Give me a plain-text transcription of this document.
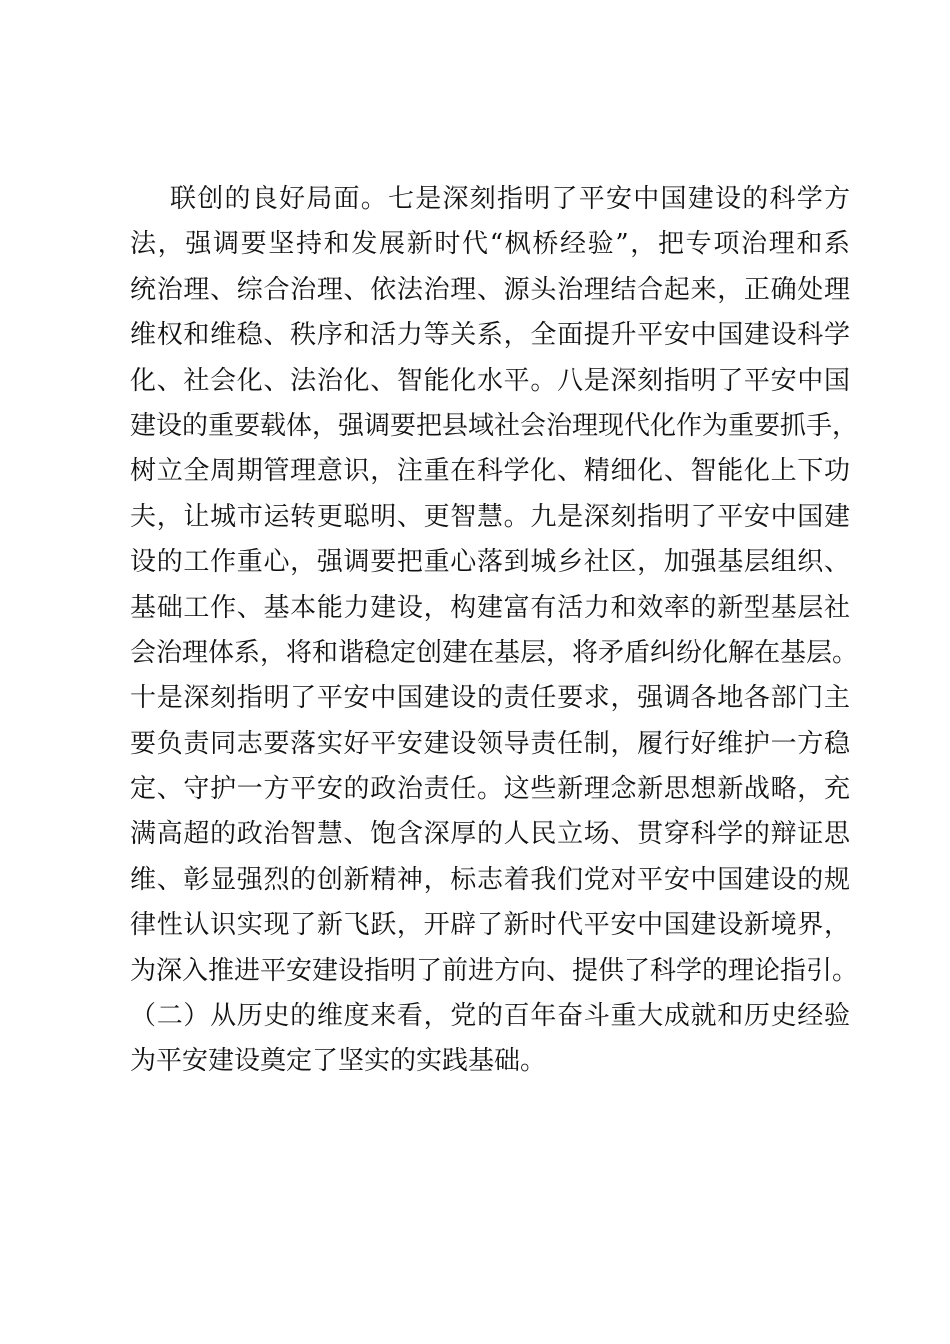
联创的良好局面。七是深刻指明了平安中国建设的科学方
法，强调要坚持和发展新时代“枫桥经验”，把专项治理和系
统治理、综合治理、依法治理、源头治理结合起来，正确处理
维权和维稳、秩序和活力等关系，全面提升平安中国建设科学
化、社会化、法治化、智能化水平。八是深刻指明了平安中国
建设的重要载体，强调要把县域社会治理现代化作为重要抓手，
树立全周期管理意识，注重在科学化、精细化、智能化上下功
夫，让城市运转更聪明、更智慧。九是深刻指明了平安中国建
设的工作重心，强调要把重心落到城乡社区，加强基层组织、
基础工作、基本能力建设，构建富有活力和效率的新型基层社
会治理体系，将和谐稳定创建在基层，将矛盾纠纷化解在基层。
十是深刻指明了平安中国建设的责任要求，强调各地各部门主
要负责同志要落实好平安建设领导责任制，履行好维护一方稳
定、守护一方平安的政治责任。这些新理念新思想新战略，充
满高超的政治智慧、饱含深厚的人民立场、贯穿科学的辩证思
维、彰显强烈的创新精神，标志着我们党对平安中国建设的规
律性认识实现了新飞跃，开辟了新时代平安中国建设新境界，
为深入推进平安建设指明了前进方向、提供了科学的理论指引。
（二）从历史的维度来看，党的百年奋斗重大成就和历史经验
为平安建设奠定了坚实的实践基础。
